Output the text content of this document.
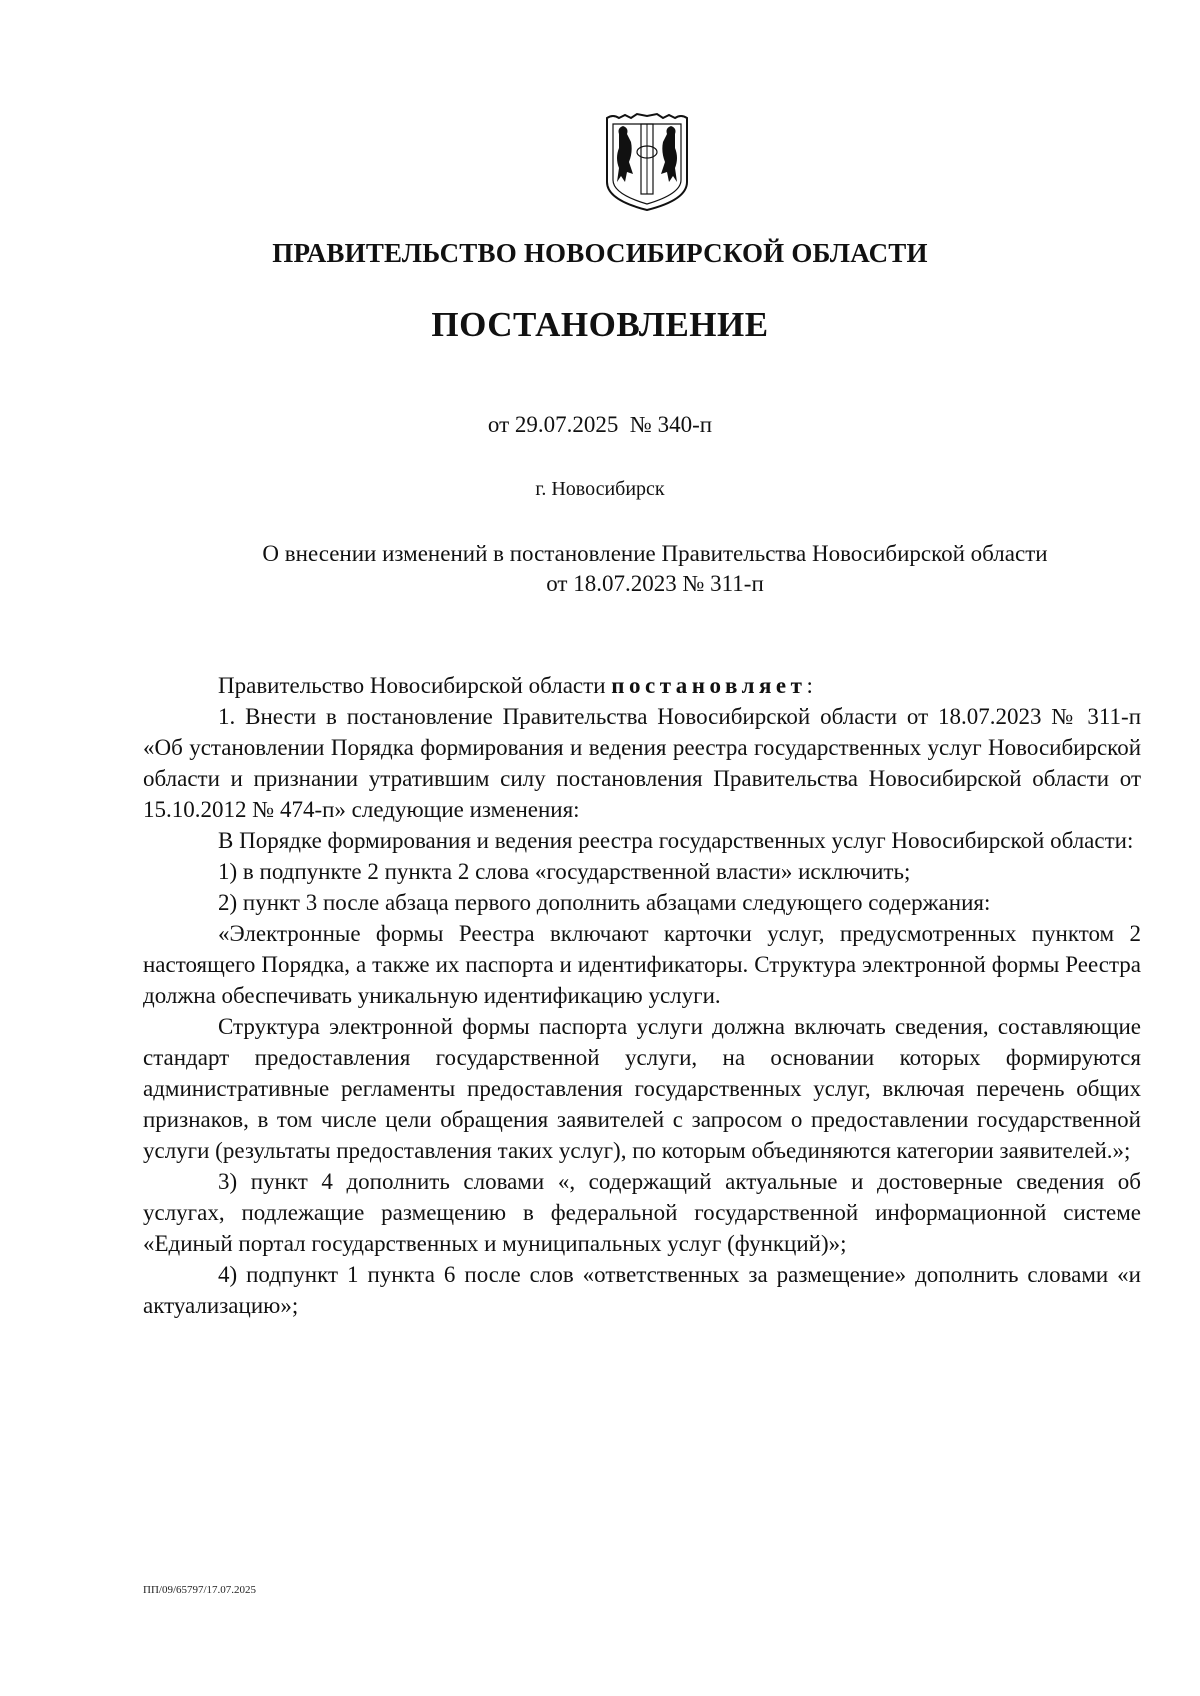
ПРАВИТЕЛЬСТВО НОВОСИБИРСКОЙ ОБЛАСТИ
ПОСТАНОВЛЕНИЕ
от 29.07.2025  № 340-п
г. Новосибирск
О внесении изменений в постановление Правительства Новосибирской области
от 18.07.2023 № 311-п

Правительство Новосибирской области постановляет:

1. Внести в постановление Правительства Новосибирской области от 18.07.2023 № 311-п «Об установлении Порядка формирования и ведения реестра государственных услуг Новосибирской области и признании утратившим силу постановления Правительства Новосибирской области от 15.10.2012 № 474-п» следующие изменения:

В Порядке формирования и ведения реестра государственных услуг Новосибирской области:

1) в подпункте 2 пункта 2 слова «государственной власти» исключить;

2) пункт 3 после абзаца первого дополнить абзацами следующего содержания:

«Электронные формы Реестра включают карточки услуг, предусмотренных пунктом 2 настоящего Порядка, а также их паспорта и идентификаторы. Структура электронной формы Реестра должна обеспечивать уникальную идентификацию услуги.

Структура электронной формы паспорта услуги должна включать сведения, составляющие стандарт предоставления государственной услуги, на основании которых формируются административные регламенты предоставления государственных услуг, включая перечень общих признаков, в том числе цели обращения заявителей с запросом о предоставлении государственной услуги (результаты предоставления таких услуг), по которым объединяются категории заявителей.»;

3) пункт 4 дополнить словами «, содержащий актуальные и достоверные сведения об услугах, подлежащие размещению в федеральной государственной информационной системе «Единый портал государственных и муниципальных услуг (функций)»;

4) подпункт 1 пункта 6 после слов «ответственных за размещение» дополнить словами «и актуализацию»;

ПП/09/65797/17.07.2025
